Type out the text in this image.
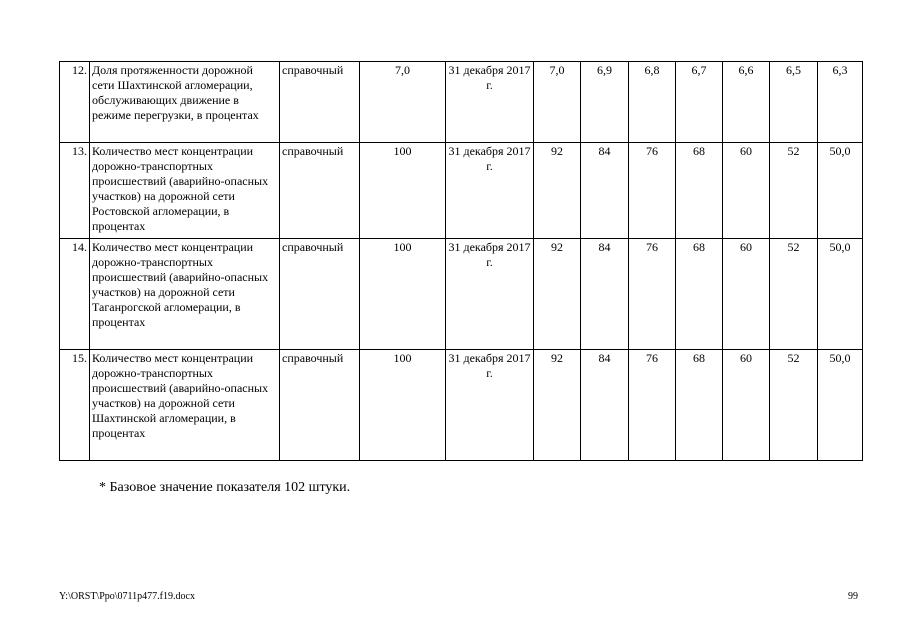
12.	Доля протяженности дорожной сети Шахтинской агломерации, обслуживающих движение в режиме перегрузки, в процентах	справочный	7,0	31 декабря 2017 г.	7,0	6,9	6,8	6,7	6,6	6,5	6,3
13.	Количество мест концентрации дорожно-транспортных происшествий (аварийно-опасных участков) на дорожной сети Ростовской агломерации, в процентах	справочный	100	31 декабря 2017 г.	92	84	76	68	60	52	50,0
14.	Количество мест концентрации дорожно-транспортных происшествий (аварийно-опасных участков) на дорожной сети Таганрогской агломерации, в процентах	справочный	100	31 декабря 2017 г.	92	84	76	68	60	52	50,0
15.	Количество мест концентрации дорожно-транспортных происшествий (аварийно-опасных участков) на дорожной сети Шахтинской агломерации, в процентах	справочный	100	31 декабря 2017 г.	92	84	76	68	60	52	50,0
* Базовое значение показателя 102 штуки.
Y:\ORST\Ppo\0711p477.f19.docx	99
